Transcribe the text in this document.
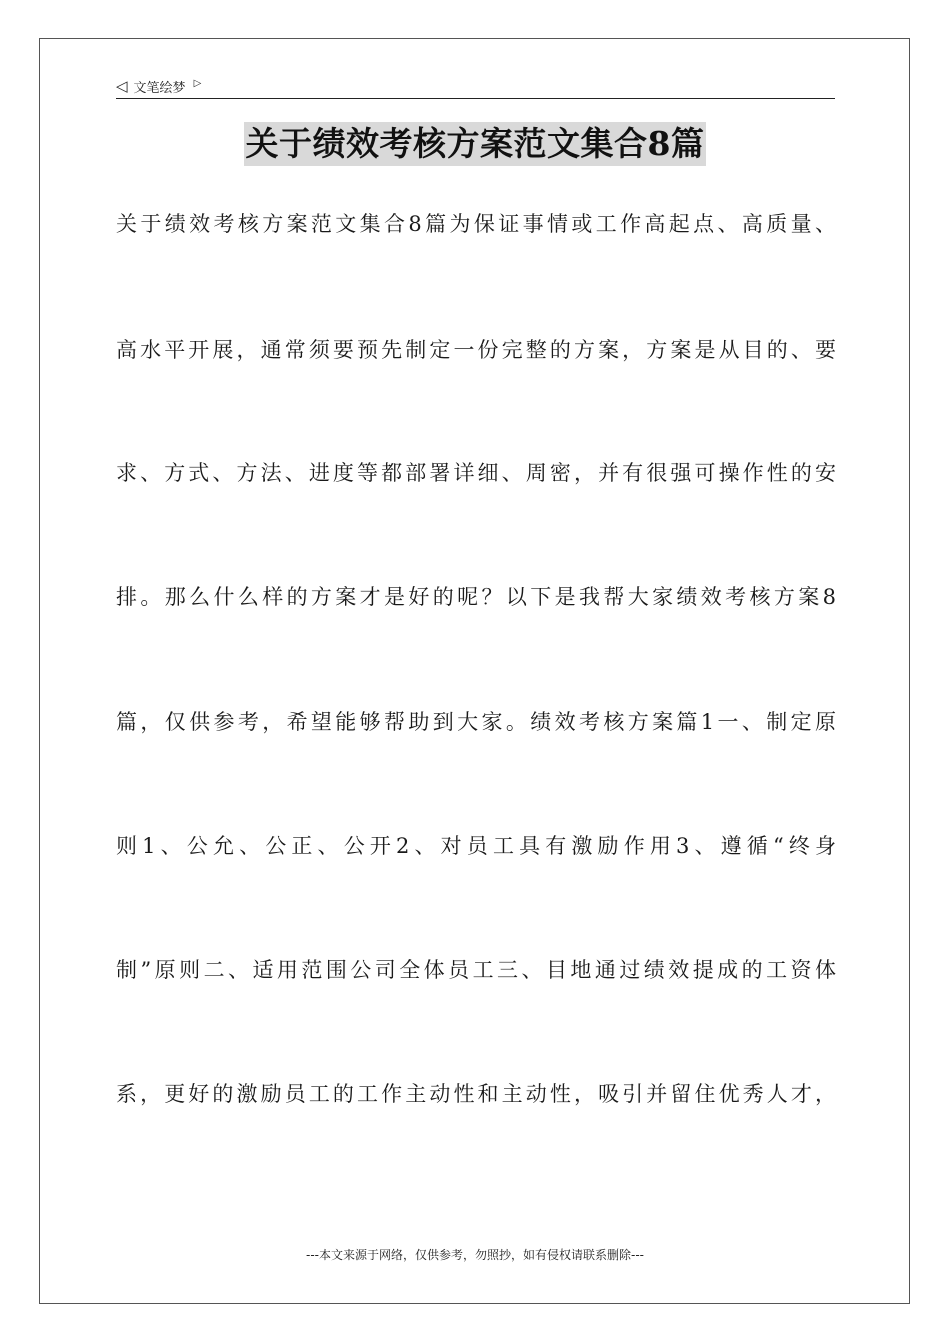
◁ 文笔绘梦 ▷
关于绩效考核方案范文集合8篇
关于绩效考核方案范文集合8篇为保证事情或工作高起点、高质量、
高水平开展，通常须要预先制定一份完整的方案，方案是从目的、要
求、方式、方法、进度等都部署详细、周密，并有很强可操作性的安
排。那么什么样的方案才是好的呢？以下是我帮大家绩效考核方案8
篇，仅供参考，希望能够帮助到大家。绩效考核方案篇1一、制定原
则1、公允、公正、公开2、对员工具有激励作用3、遵循“终身
制”原则二、适用范围公司全体员工三、目地通过绩效提成的工资体
系，更好的激励员工的工作主动性和主动性，吸引并留住优秀人才，
---本文来源于网络，仅供参考，勿照抄，如有侵权请联系删除---
